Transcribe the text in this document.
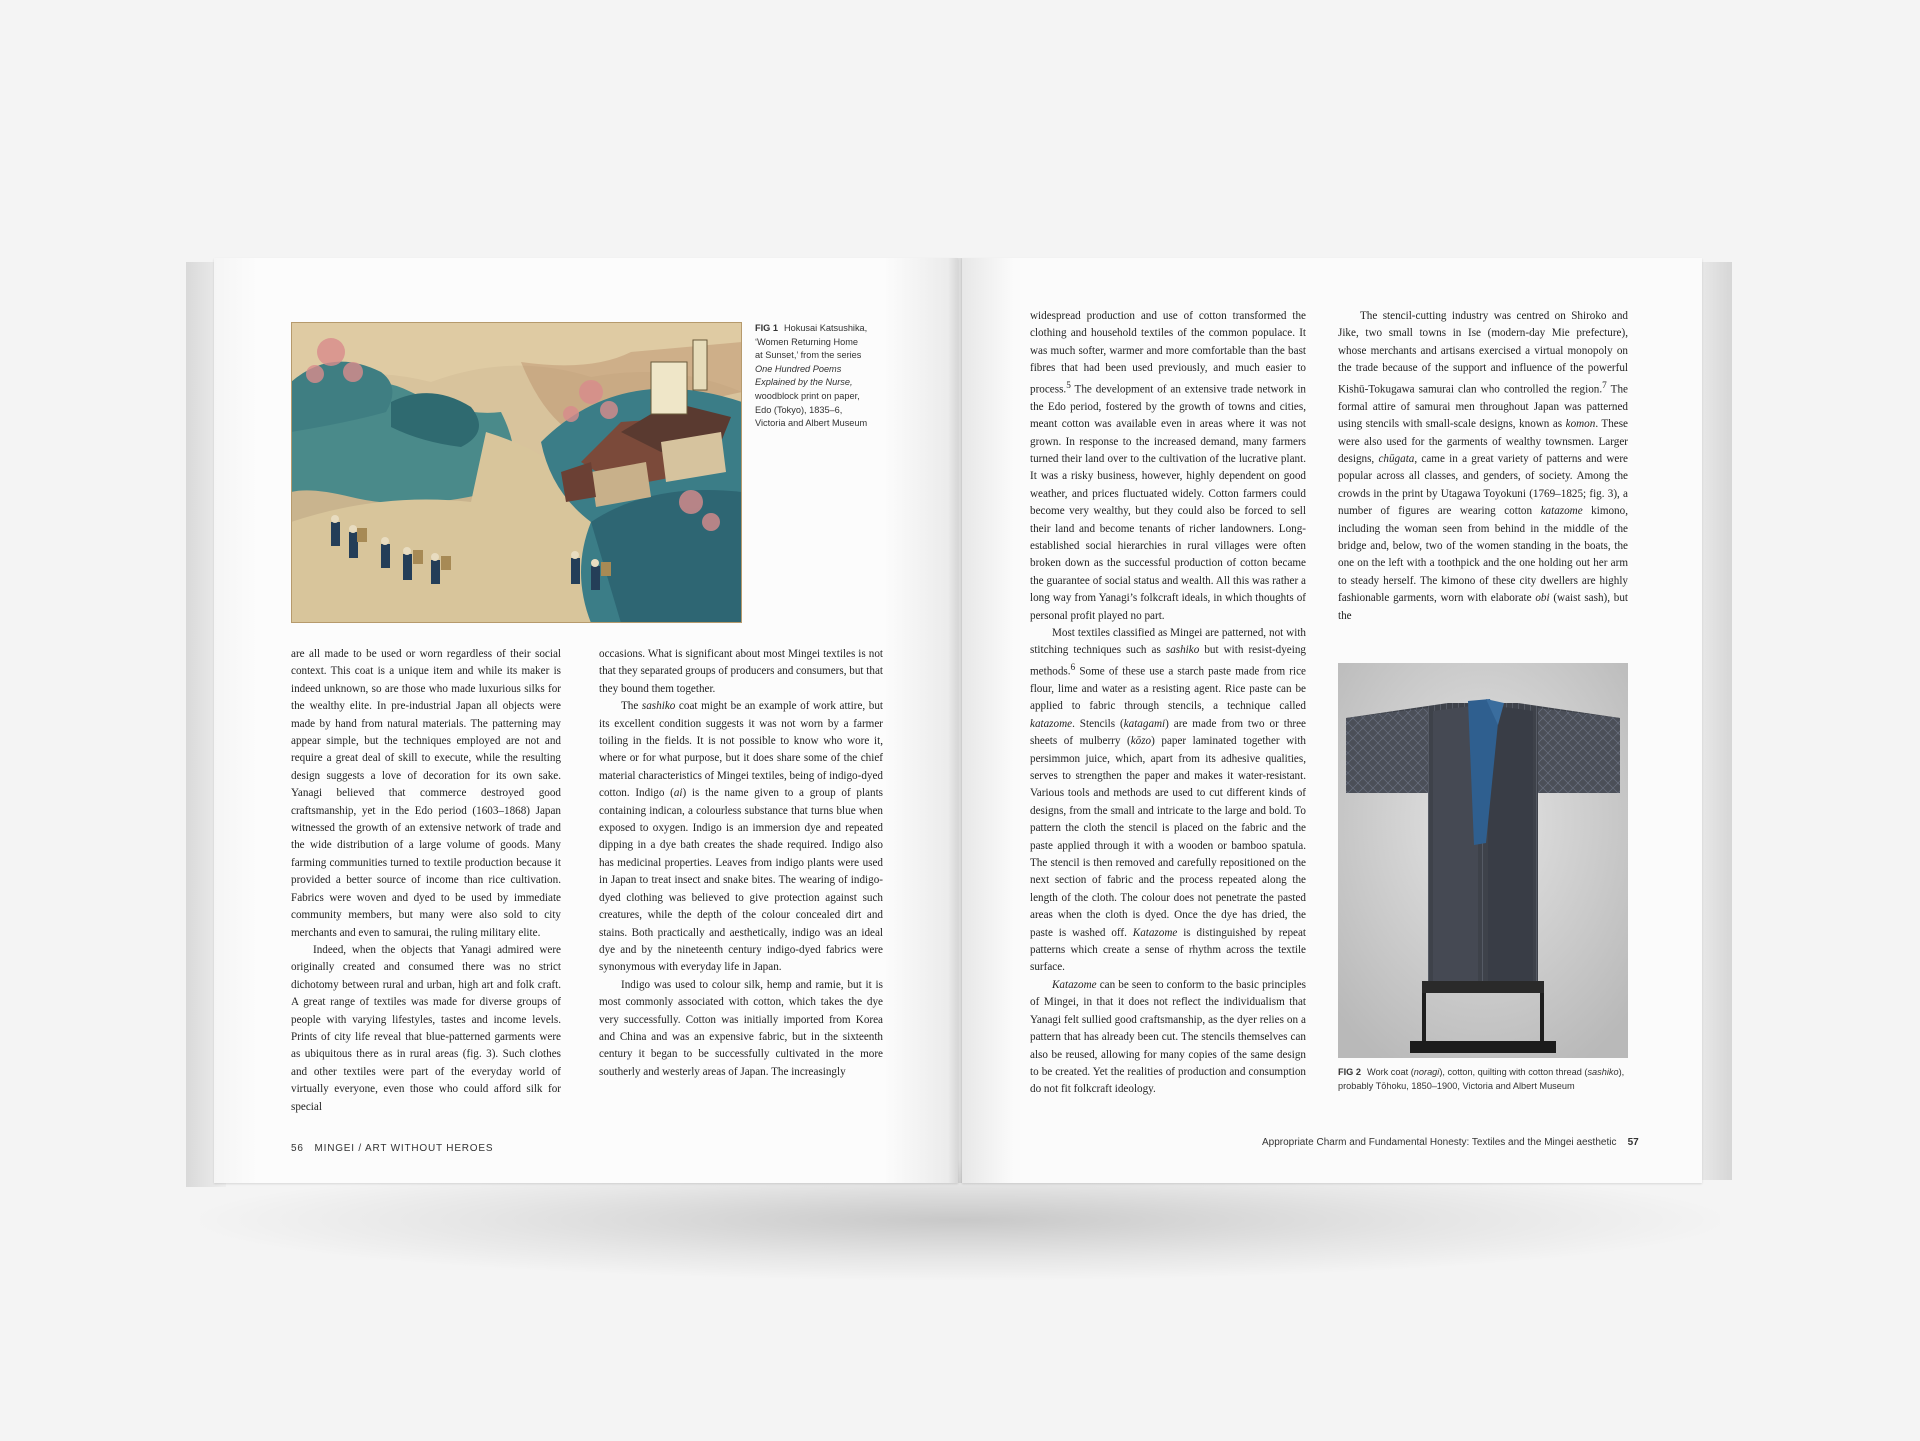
FIG 1 Hokusai Katsushika,
‘Women Returning Home
at Sunset,’ from the series
One Hundred Poems
Explained by the Nurse,
woodblock print on paper,
Edo (Tokyo), 1835–6,
Victoria and Albert Museum

are all made to be used or worn regardless of their social context. This coat is a unique item and while its maker is indeed unknown, so are those who made luxurious silks for the wealthy elite. In pre-industrial Japan all objects were made by hand from natural materials. The patterning may appear simple, but the techniques employed are not and require a great deal of skill to execute, while the resulting design suggests a love of decoration for its own sake. Yanagi believed that commerce destroyed good craftsmanship, yet in the Edo period (1603–1868) Japan witnessed the growth of an extensive network of trade and the wide distribution of a large volume of goods. Many farming communities turned to textile production because it provided a better source of income than rice cultivation. Fabrics were woven and dyed to be used by immediate community members, but many were also sold to city merchants and even to samurai, the ruling military elite.

Indeed, when the objects that Yanagi admired were originally created and consumed there was no strict dichotomy between rural and urban, high art and folk craft. A great range of textiles was made for diverse groups of people with varying lifestyles, tastes and income levels. Prints of city life reveal that blue-patterned garments were as ubiquitous there as in rural areas (fig. 3). Such clothes and other textiles were part of the everyday world of virtually everyone, even those who could afford silk for special

occasions. What is significant about most Mingei textiles is not that they separated groups of producers and consumers, but that they bound them together.

The sashiko coat might be an example of work attire, but its excellent condition suggests it was not worn by a farmer toiling in the fields. It is not possible to know who wore it, where or for what purpose, but it does share some of the chief material characteristics of Mingei textiles, being of indigo-dyed cotton. Indigo (ai) is the name given to a group of plants containing indican, a colourless substance that turns blue when exposed to oxygen. Indigo is an immersion dye and repeated dipping in a dye bath creates the shade required. Indigo also has medicinal properties. Leaves from indigo plants were used in Japan to treat insect and snake bites. The wearing of indigo-dyed clothing was believed to give protection against such creatures, while the depth of the colour concealed dirt and stains. Both practically and aesthetically, indigo was an ideal dye and by the nineteenth century indigo-dyed fabrics were synonymous with everyday life in Japan.

Indigo was used to colour silk, hemp and ramie, but it is most commonly associated with cotton, which takes the dye very successfully. Cotton was initially imported from Korea and China and was an expensive fabric, but in the sixteenth century it began to be successfully cultivated in the more southerly and westerly areas of Japan. The increasingly

56 MINGEI / ART WITHOUT HEROES

widespread production and use of cotton transformed the clothing and household textiles of the common populace. It was much softer, warmer and more comfortable than the bast fibres that had been used previously, and much easier to process.$^5$ The development of an extensive trade network in the Edo period, fostered by the growth of towns and cities, meant cotton was available even in areas where it was not grown. In response to the increased demand, many farmers turned their land over to the cultivation of the lucrative plant. It was a risky business, however, highly dependent on good weather, and prices fluctuated widely. Cotton farmers could become very wealthy, but they could also be forced to sell their land and become tenants of richer landowners. Long-established social hierarchies in rural villages were often broken down as the successful production of cotton became the guarantee of social status and wealth. All this was rather a long way from Yanagi’s folkcraft ideals, in which thoughts of personal profit played no part.

Most textiles classified as Mingei are patterned, not with stitching techniques such as sashiko but with resist-dyeing methods.$^6$ Some of these use a starch paste made from rice flour, lime and water as a resisting agent. Rice paste can be applied to fabric through stencils, a technique called katazome. Stencils (katagami) are made from two or three sheets of mulberry (kōzo) paper laminated together with persimmon juice, which, apart from its adhesive qualities, serves to strengthen the paper and makes it water-resistant. Various tools and methods are used to cut different kinds of designs, from the small and intricate to the large and bold. To pattern the cloth the stencil is placed on the fabric and the paste applied through it with a wooden or bamboo spatula. The stencil is then removed and carefully repositioned on the next section of fabric and the process repeated along the length of the cloth. The colour does not penetrate the pasted areas when the cloth is dyed. Once the dye has dried, the paste is washed off. Katazome is distinguished by repeat patterns which create a sense of rhythm across the textile surface.

Katazome can be seen to conform to the basic principles of Mingei, in that it does not reflect the individualism that Yanagi felt sullied good craftsmanship, as the dyer relies on a pattern that has already been cut. The stencils themselves can also be reused, allowing for many copies of the same design to be created. Yet the realities of production and consumption do not fit folkcraft ideology.

The stencil-cutting industry was centred on Shiroko and Jike, two small towns in Ise (modern-day Mie prefecture), whose merchants and artisans exercised a virtual monopoly on the trade because of the support and influence of the powerful Kishū-Tokugawa samurai clan who controlled the region.$^7$ The formal attire of samurai men throughout Japan was patterned using stencils with small-scale designs, known as komon. These were also used for the garments of wealthy townsmen. Larger designs, chūgata, came in a great variety of patterns and were popular across all classes, and genders, of society. Among the crowds in the print by Utagawa Toyokuni (1769–1825; fig. 3), a number of figures are wearing cotton katazome kimono, including the woman seen from behind in the middle of the bridge and, below, two of the women standing in the boats, the one on the left with a toothpick and the one holding out her arm to steady herself. The kimono of these city dwellers are highly fashionable garments, worn with elaborate obi (waist sash), but the

FIG 2 Work coat (noragi), cotton, quilting with cotton thread (sashiko),
probably Tōhoku, 1850–1900, Victoria and Albert Museum
Appropriate Charm and Fundamental Honesty: Textiles and the Mingei aesthetic 57
